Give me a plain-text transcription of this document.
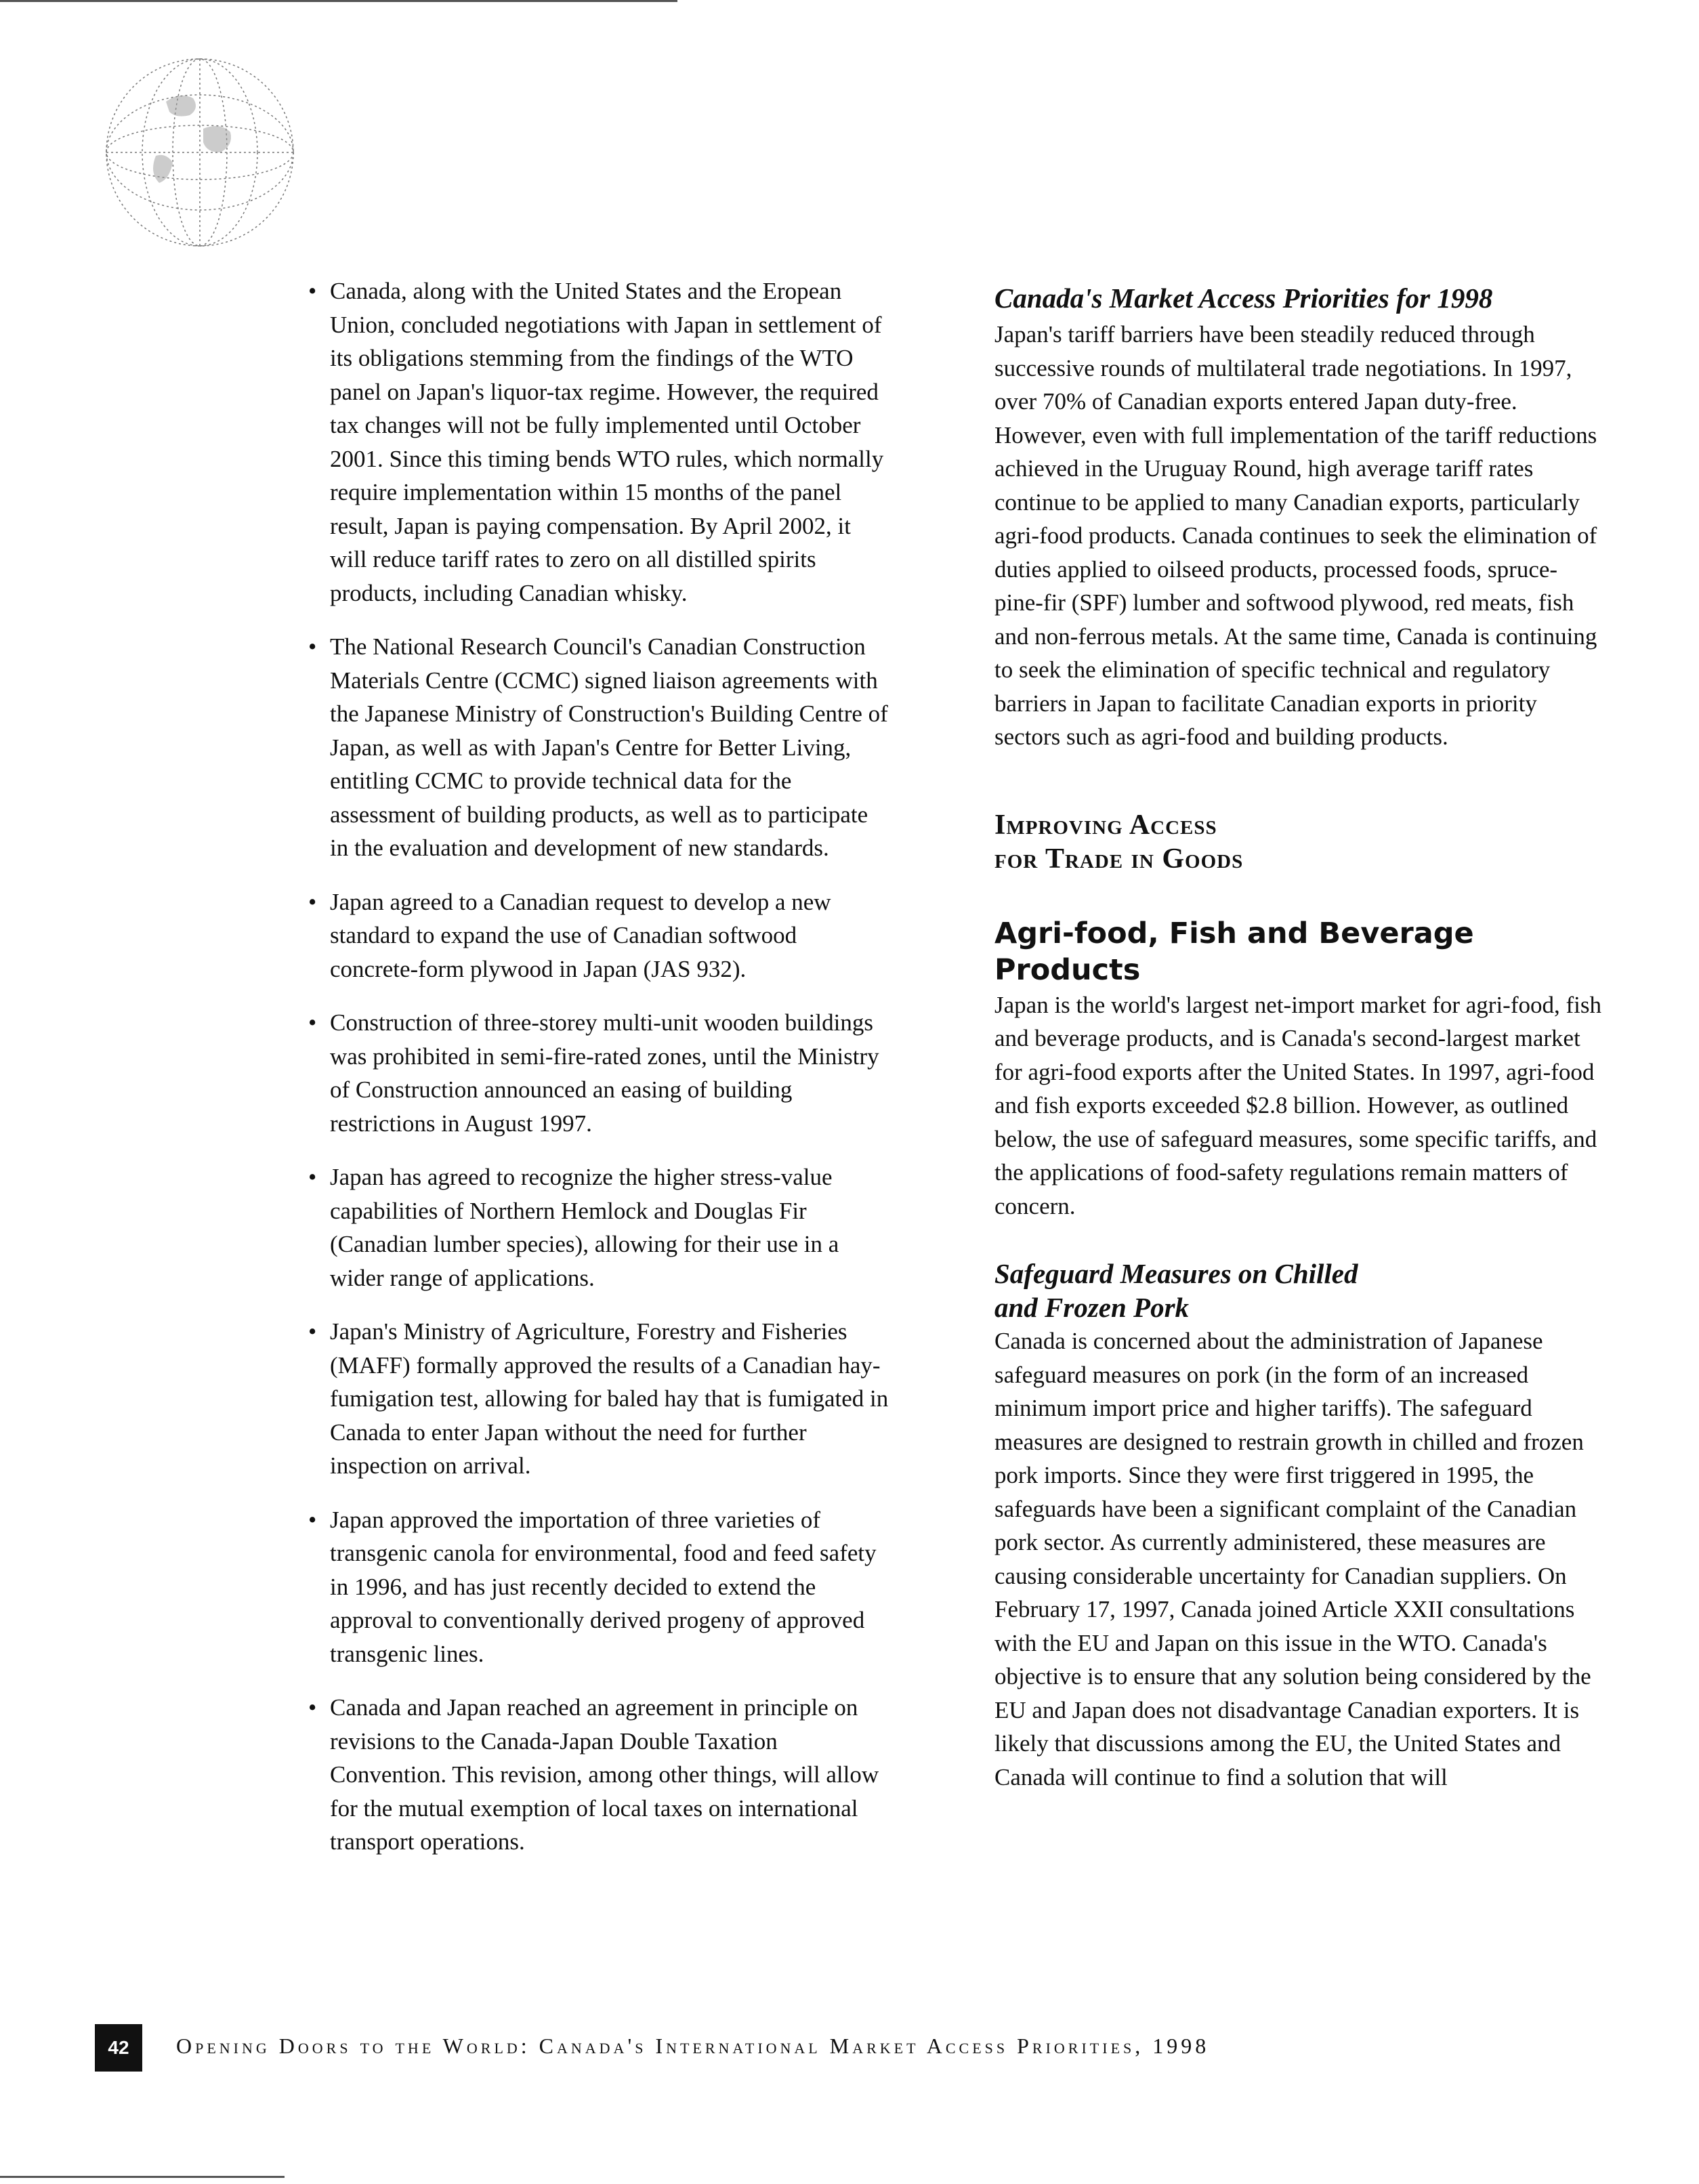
• Canada, along with the United States and the Eropean Union, concluded negotiations with Japan in settlement of its obligations stemming from the findings of the WTO panel on Japan's liquor-tax regime. However, the required tax changes will not be fully implemented until October 2001. Since this timing bends WTO rules, which normally require implementation within 15 months of the panel result, Japan is paying compensation. By April 2002, it will reduce tariff rates to zero on all distilled spirits products, including Canadian whisky.

• The National Research Council's Canadian Construction Materials Centre (CCMC) signed liaison agreements with the Japanese Ministry of Construction's Building Centre of Japan, as well as with Japan's Centre for Better Living, entitling CCMC to provide technical data for the assessment of building products, as well as to participate in the evaluation and development of new standards.

• Japan agreed to a Canadian request to develop a new standard to expand the use of Canadian softwood concrete-form plywood in Japan (JAS 932).

• Construction of three-storey multi-unit wooden buildings was prohibited in semi-fire-rated zones, until the Ministry of Construction announced an easing of building restrictions in August 1997.

• Japan has agreed to recognize the higher stress-value capabilities of Northern Hemlock and Douglas Fir (Canadian lumber species), allowing for their use in a wider range of applications.

• Japan's Ministry of Agriculture, Forestry and Fisheries (MAFF) formally approved the results of a Canadian hay-fumigation test, allowing for baled hay that is fumigated in Canada to enter Japan without the need for further inspection on arrival.

• Japan approved the importation of three varieties of transgenic canola for environmental, food and feed safety in 1996, and has just recently decided to extend the approval to conventionally derived progeny of approved transgenic lines.

• Canada and Japan reached an agreement in principle on revisions to the Canada-Japan Double Taxation Convention. This revision, among other things, will allow for the mutual exemption of local taxes on international transport operations.

Canada's Market Access Priorities for 1998

Japan's tariff barriers have been steadily reduced through successive rounds of multilateral trade negotiations. In 1997, over 70% of Canadian exports entered Japan duty-free. However, even with full implementation of the tariff reductions achieved in the Uruguay Round, high average tariff rates continue to be applied to many Canadian exports, particularly agri-food products. Canada continues to seek the elimination of duties applied to oilseed products, processed foods, spruce-pine-fir (SPF) lumber and softwood plywood, red meats, fish and non-ferrous metals. At the same time, Canada is continuing to seek the elimination of specific technical and regulatory barriers in Japan to facilitate Canadian exports in priority sectors such as agri-food and building products.

Improving Access
for Trade in Goods
Agri-food, Fish and Beverage Products

Japan is the world's largest net-import market for agri-food, fish and beverage products, and is Canada's second-largest market for agri-food exports after the United States. In 1997, agri-food and fish exports exceeded $2.8 billion. However, as outlined below, the use of safeguard measures, some specific tariffs, and the applications of food-safety regulations remain matters of concern.

Safeguard Measures on Chilled
and Frozen Pork

Canada is concerned about the administration of Japanese safeguard measures on pork (in the form of an increased minimum import price and higher tariffs). The safeguard measures are designed to restrain growth in chilled and frozen pork imports. Since they were first triggered in 1995, the safeguards have been a significant complaint of the Canadian pork sector. As currently administered, these measures are causing considerable uncertainty for Canadian suppliers. On February 17, 1997, Canada joined Article XXII consultations with the EU and Japan on this issue in the WTO. Canada's objective is to ensure that any solution being considered by the EU and Japan does not disadvantage Canadian exporters. It is likely that discussions among the EU, the United States and Canada will continue to find a solution that will

42	Opening Doors to the World: Canada's International Market Access Priorities, 1998
